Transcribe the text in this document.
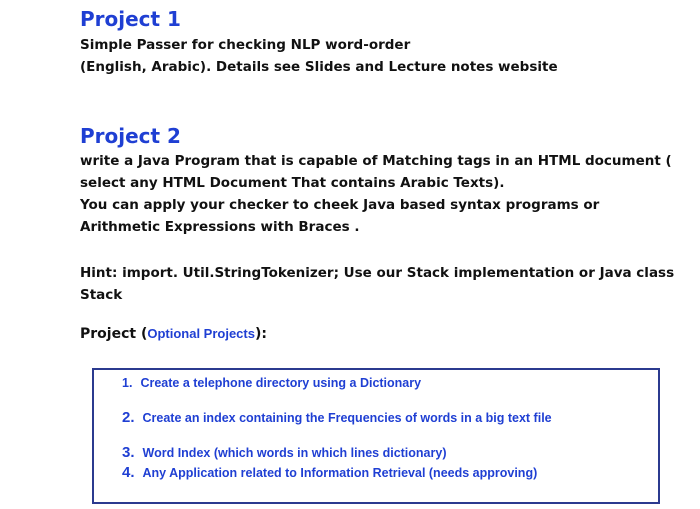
Project 1

Simple Passer for checking NLP word-order
(English, Arabic). Details see Slides and Lecture notes website

Project 2

write a Java Program that is capable of Matching tags in an HTML document (
select any HTML Document That contains Arabic Texts).
You can apply your checker to cheek Java based syntax programs or
Arithmetic Expressions with Braces .

Hint: import. Util.StringTokenizer; Use our Stack implementation or Java class
Stack

Project (Optional Projects):

1. Create a telephone directory using a Dictionary
2. Create an index containing the Frequencies of words in a big text file
3. Word Index (which words in which lines dictionary)
4. Any Application related to Information Retrieval (needs approving)
